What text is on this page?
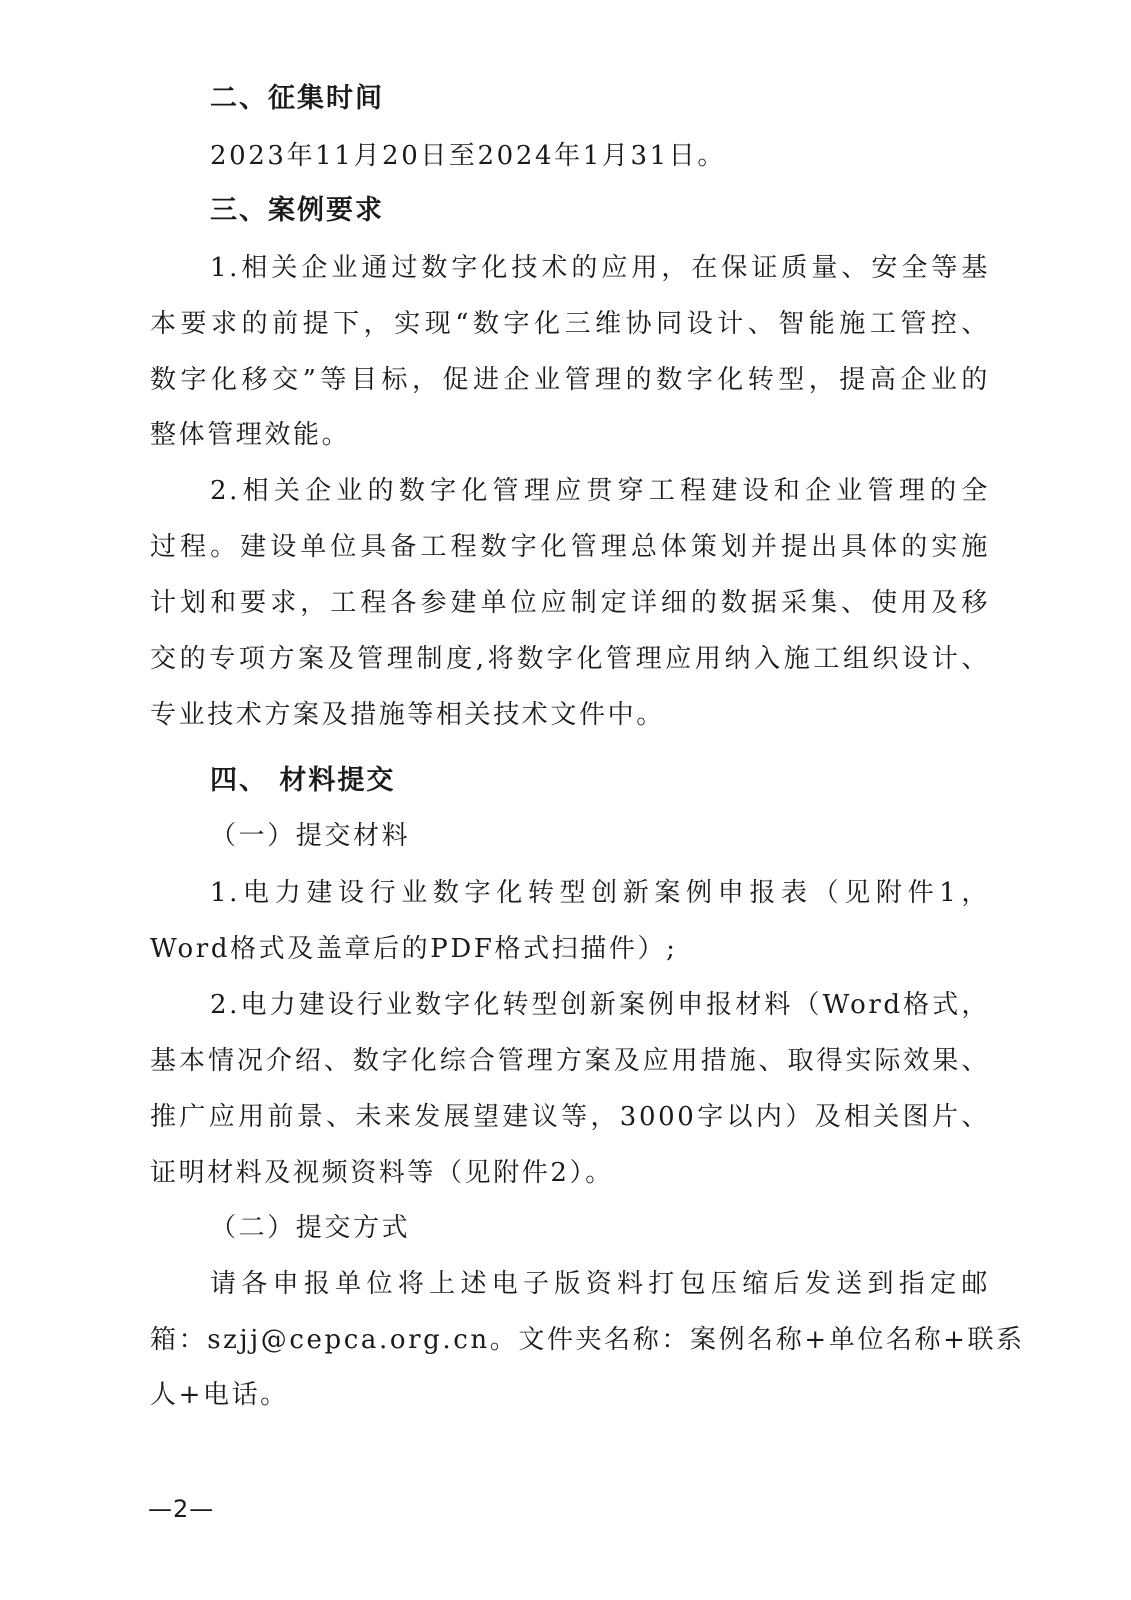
二、征集时间
2023年11月20日至2024年1月31日。
三、案例要求
1.相关企业通过数字化技术的应用，在保证质量、安全等基
本要求的前提下，实现“数字化三维协同设计、智能施工管控、
数字化移交”等目标，促进企业管理的数字化转型，提高企业的
整体管理效能。
2.相关企业的数字化管理应贯穿工程建设和企业管理的全
过程。建设单位具备工程数字化管理总体策划并提出具体的实施
计划和要求，工程各参建单位应制定详细的数据采集、使用及移
交的专项方案及管理制度,将数字化管理应用纳入施工组织设计、
专业技术方案及措施等相关技术文件中。
四、 材料提交
（一）提交材料
1.电力建设行业数字化转型创新案例申报表（见附件1，
Word格式及盖章后的PDF格式扫描件）;
2.电力建设行业数字化转型创新案例申报材料（Word格式，
基本情况介绍、数字化综合管理方案及应用措施、取得实际效果、
推广应用前景、未来发展望建议等，3000字以内）及相关图片、
证明材料及视频资料等（见附件2）。
（二）提交方式
请各申报单位将上述电子版资料打包压缩后发送到指定邮
箱：szjj@cepca.org.cn。文件夹名称：案例名称+单位名称+联系
人+电话。
—2—
